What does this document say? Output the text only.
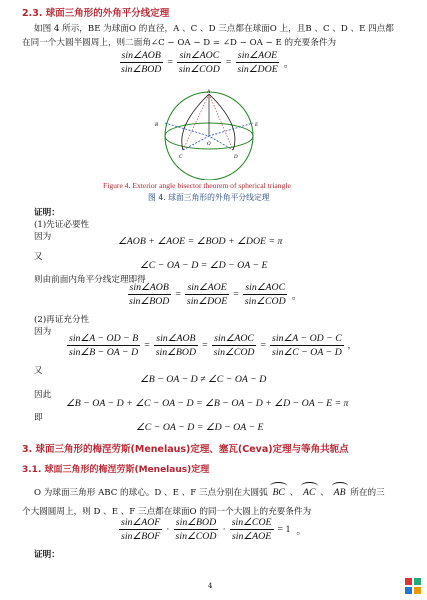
2.3. 球面三角形的外角平分线定理
如图 4 所示，BE 为球面O 的直径，A 、C 、D 三点都在球面O 上，且B 、C 、D 、E 四点都
在同一个大圆半圆周上，则二面角∠C − OA − D = ∠D − OA − E 的充要条件为
$\frac{\text{sin∠AOB}}{\text{sin∠BOD}} = \frac{\text{sin∠AOC}}{\text{sin∠COD}} = \frac{\text{sin∠AOE}}{\text{sin∠DOE}}$ 。
A
B	E
C	D
O
Figure 4. Exterior angle bisector theorem of spherical triangle
图 4. 球面三角形的外角平分线定理
证明：
(1)先证必要性
因为	∠AOB + ∠AOE = ∠BOD + ∠DOE = π
又
∠C − OA − D = ∠D − OA − E
则由前面内角平分线定理即得
$\frac{\text{sin∠AOB}}{\text{sin∠BOD}} = \frac{\text{sin∠AOE}}{\text{sin∠DOE}} = \frac{\text{sin∠AOC}}{\text{sin∠COD}}$ 。
(2)再证充分性
因为
$\frac{\sin\angle A - OD - B}{\sin\angle B - OA - D} = \frac{\text{sin∠AOB}}{\text{sin∠BOD}} = \frac{\text{sin∠AOC}}{\text{sin∠COD}} = \frac{\sin\angle A - OD - C}{\sin\angle C - OA - D}$ ,
又
∠B − OA − D ≠ ∠C − OA − D
因此
∠B − OA − D + ∠C − OA − D = ∠B − OA − D + ∠D − OA − E = π
即
∠C − OA − D = ∠D − OA − E
3. 球面三角形的梅涅劳斯(Menelaus)定理、塞瓦(Ceva)定理与等角共轭点
3.1. 球面三角形的梅涅劳斯(Menelaus)定理
O 为球面三角形 ABC 的球心。D 、E 、F 三点分别在大圆弧 BC 、 AC 、 AB 所在的三
个大圆圆周上，则 D 、E 、F 三点都在球面O 的同一个大圆上的充要条件为
$\frac{\text{sin∠AOF}}{\text{sin∠BOF}} \cdot \frac{\text{sin∠BOD}}{\text{sin∠COD}} \cdot \frac{\text{sin∠COE}}{\text{sin∠AOE}} = 1$ 。
证明：
4
